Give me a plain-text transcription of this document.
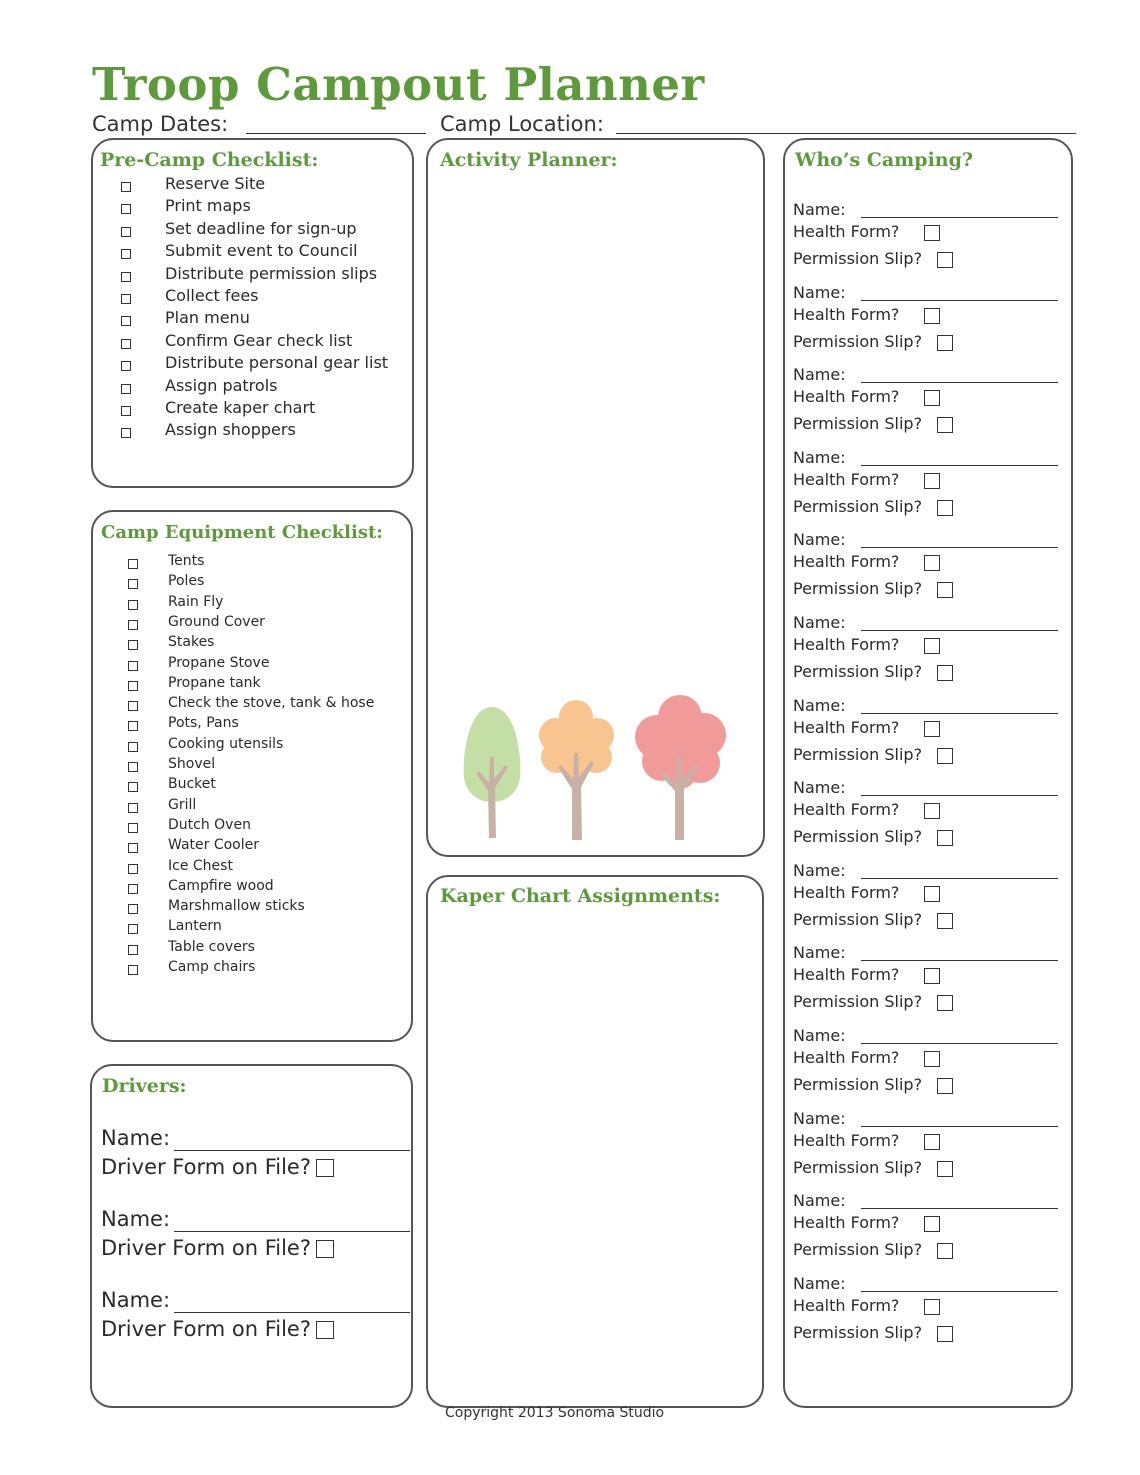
Troop Campout Planner
Camp Dates:	Camp Location:
Pre-Camp Checklist:
Reserve Site
Print maps
Set deadline for sign-up
Submit event to Council
Distribute permission slips
Collect fees
Plan menu
Confirm Gear check list
Distribute personal gear list
Assign patrols
Create kaper chart
Assign shoppers
Camp Equipment Checklist:
Tents
Poles
Rain Fly
Ground Cover
Stakes
Propane Stove
Propane tank
Check the stove, tank & hose
Pots, Pans
Cooking utensils
Shovel
Bucket
Grill
Dutch Oven
Water Cooler
Ice Chest
Campfire wood
Marshmallow sticks
Lantern
Table covers
Camp chairs
Drivers:
Name:
Driver Form on File?
Name:
Driver Form on File?
Name:
Driver Form on File?
Activity Planner:
Kaper Chart Assignments:
Who’s Camping?
Name:
Health Form?
Permission Slip?
Name:
Health Form?
Permission Slip?
Name:
Health Form?
Permission Slip?
Name:
Health Form?
Permission Slip?
Name:
Health Form?
Permission Slip?
Name:
Health Form?
Permission Slip?
Name:
Health Form?
Permission Slip?
Name:
Health Form?
Permission Slip?
Name:
Health Form?
Permission Slip?
Name:
Health Form?
Permission Slip?
Name:
Health Form?
Permission Slip?
Name:
Health Form?
Permission Slip?
Name:
Health Form?
Permission Slip?
Name:
Health Form?
Permission Slip?
Copyright 2013 Sonoma Studio
